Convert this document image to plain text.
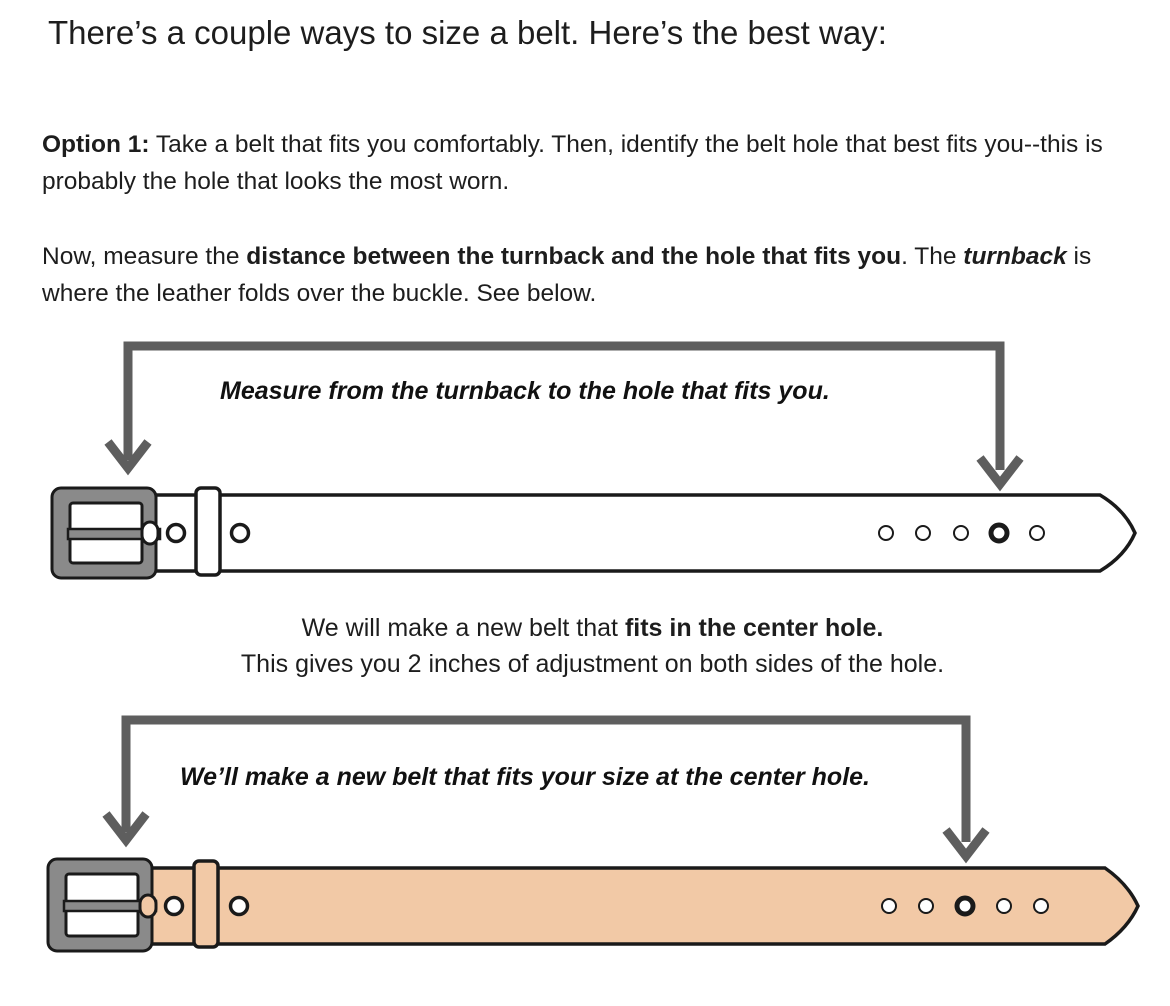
There’s a couple ways to size a belt. Here’s the best way:
Option 1: Take a belt that fits you comfortably. Then, identify the belt hole that best fits you--this is probably the hole that looks the most worn.
Now, measure the distance between the turnback and the hole that fits you. The turnback is where the leather folds over the buckle. See below.
Measure from the turnback to the hole that fits you.
We will make a new belt that fits in the center hole.
This gives you 2 inches of adjustment on both sides of the hole.
We’ll make a new belt that fits your size at the center hole.
